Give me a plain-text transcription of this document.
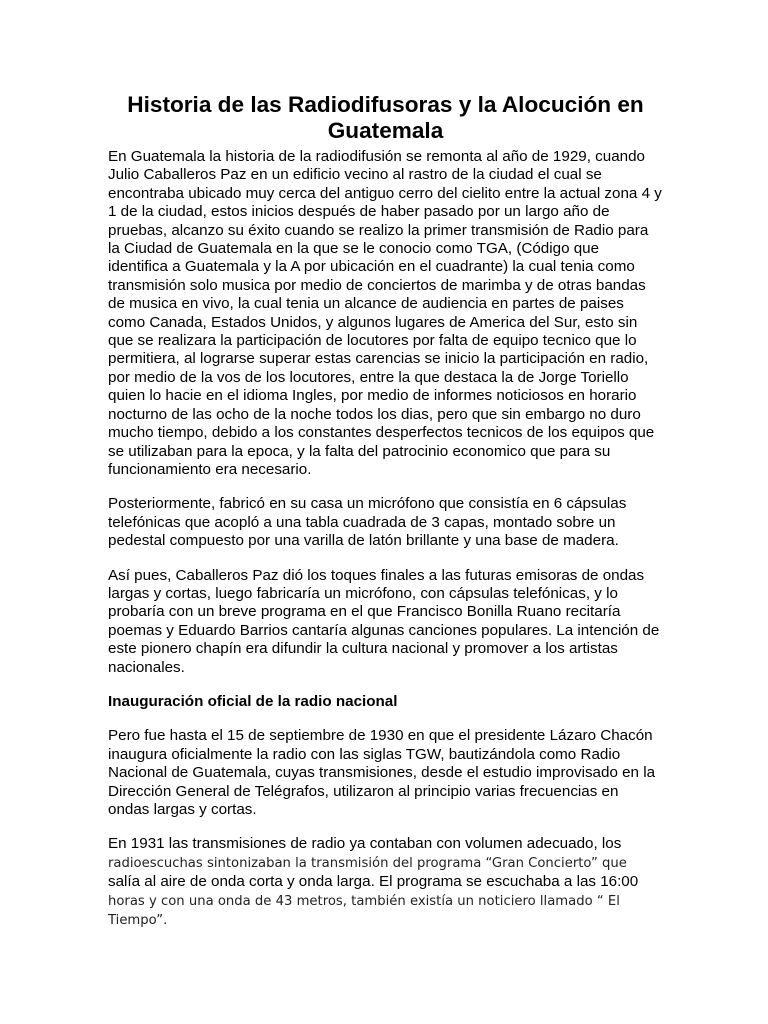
Historia de las Radiodifusoras y la Alocución en Guatemala

En Guatemala la historia de la radiodifusión se remonta al año de 1929, cuando Julio Caballeros Paz en un edificio vecino al rastro de la ciudad el cual se encontraba ubicado muy cerca del antiguo cerro del cielito entre la actual zona 4 y 1 de la ciudad, estos inicios después de haber pasado por un largo año de pruebas, alcanzo su éxito cuando se realizo la primer transmisión de Radio para la Ciudad de Guatemala en la que se le conocio como TGA, (Código que identifica a Guatemala y la A por ubicación en el cuadrante) la cual tenia como transmisión solo musica por medio de conciertos de marimba y de otras bandas de musica en vivo, la cual tenia un alcance de audiencia en partes de paises como Canada, Estados Unidos, y algunos lugares de America del Sur, esto sin que se realizara la participación de locutores por falta de equipo tecnico que lo permitiera, al lograrse superar estas carencias se inicio la participación en radio, por medio de la vos de los locutores, entre la que destaca la de Jorge Toriello quien lo hacie en el idioma Ingles, por medio de informes noticiosos en horario nocturno de las ocho de la noche todos los dias, pero que sin embargo no duro mucho tiempo, debido a los constantes desperfectos tecnicos de los equipos que se utilizaban para la epoca, y la falta del patrocinio economico que para su funcionamiento era necesario.

Posteriormente, fabricó en su casa un micrófono que consistía en 6 cápsulas telefónicas que acopló a una tabla cuadrada de 3 capas, montado sobre un pedestal compuesto por una varilla de latón brillante y una base de madera.

Así pues, Caballeros Paz dió los toques finales a las futuras emisoras de ondas largas y cortas, luego fabricaría un micrófono, con cápsulas telefónicas, y lo probaría con un breve programa en el que Francisco Bonilla Ruano recitaría poemas y Eduardo Barrios cantaría algunas canciones populares. La intención de este pionero chapín era difundir la cultura nacional y promover a los artistas nacionales.

Inauguración oficial de la radio nacional

Pero fue hasta el 15 de septiembre de 1930 en que el presidente Lázaro Chacón inaugura oficialmente la radio con las siglas TGW, bautizándola como Radio Nacional de Guatemala, cuyas transmisiones, desde el estudio improvisado en la Dirección General de Telégrafos, utilizaron al principio varias frecuencias en ondas largas y cortas.

En 1931 las transmisiones de radio ya contaban con volumen adecuado, los
radioescuchas sintonizaban la transmisión del programa “Gran Concierto” que
salía al aire de onda corta y onda larga. El programa se escuchaba a las 16:00
horas y con una onda de 43 metros, también existía un noticiero llamado “ El Tiempo”.
